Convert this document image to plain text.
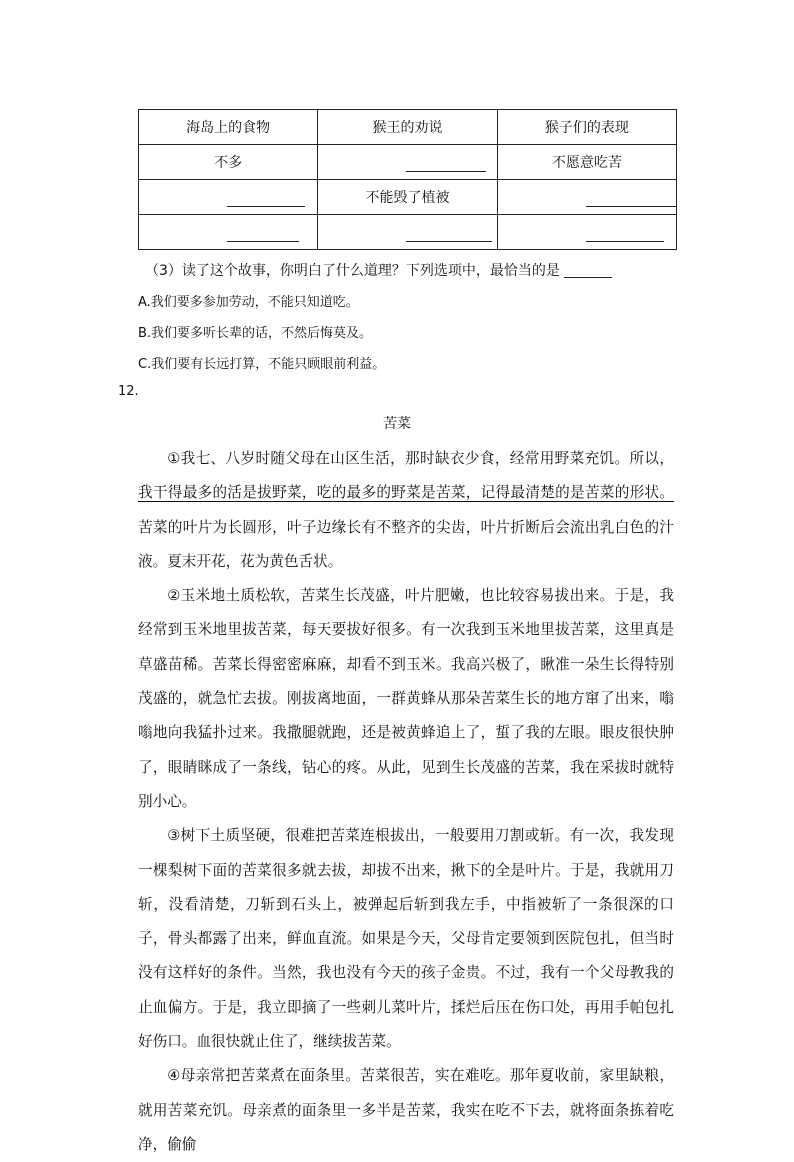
海岛上的食物	猴王的劝说	猴子们的表现
不多		不愿意吃苦

	不能毁了植被	

（3）读了这个故事，你明白了什么道理？下列选项中，最恰当的是
A.我们要多参加劳动，不能只知道吃。
B.我们要多听长辈的话，不然后悔莫及。
C.我们要有长远打算，不能只顾眼前利益。
12.
苦菜

①我七、八岁时随父母在山区生活，那时缺衣少食，经常用野菜充饥。所以，我干得最多的活是拔野菜，吃的最多的野菜是苦菜，记得最清楚的是苦菜的形状。苦菜的叶片为长圆形，叶子边缘长有不整齐的尖齿，叶片折断后会流出乳白色的汁液。夏末开花，花为黄色舌状。

②玉米地土质松软，苦菜生长茂盛，叶片肥嫩，也比较容易拔出来。于是，我经常到玉米地里拔苦菜，每天要拔好很多。有一次我到玉米地里拔苦菜，这里真是草盛苗稀。苦菜长得密密麻麻，却看不到玉米。我高兴极了，瞅准一朵生长得特别茂盛的，就急忙去拔。刚拔离地面，一群黄蜂从那朵苦菜生长的地方窜了出来，嗡嗡地向我猛扑过来。我撒腿就跑，还是被黄蜂追上了，蜇了我的左眼。眼皮很快肿了，眼睛眯成了一条线，钻心的疼。从此，见到生长茂盛的苦菜，我在采拔时就特别小心。

③树下土质坚硬，很难把苦菜连根拔出，一般要用刀割或斩。有一次，我发现一棵梨树下面的苦菜很多就去拔，却拔不出来，揪下的全是叶片。于是，我就用刀斩，没看清楚，刀斩到石头上，被弹起后斩到我左手，中指被斩了一条很深的口子，骨头都露了出来，鲜血直流。如果是今天，父母肯定要领到医院包扎，但当时没有这样好的条件。当然，我也没有今天的孩子金贵。不过，我有一个父母教我的止血偏方。于是，我立即摘了一些刺儿菜叶片，揉烂后压在伤口处，再用手帕包扎好伤口。血很快就止住了，继续拔苦菜。

④母亲常把苦菜煮在面条里。苦菜很苦，实在难吃。那年夏收前，家里缺粮，就用苦菜充饥。母亲煮的面条里一多半是苦菜，我实在吃不下去，就将面条拣着吃净，偷偷
